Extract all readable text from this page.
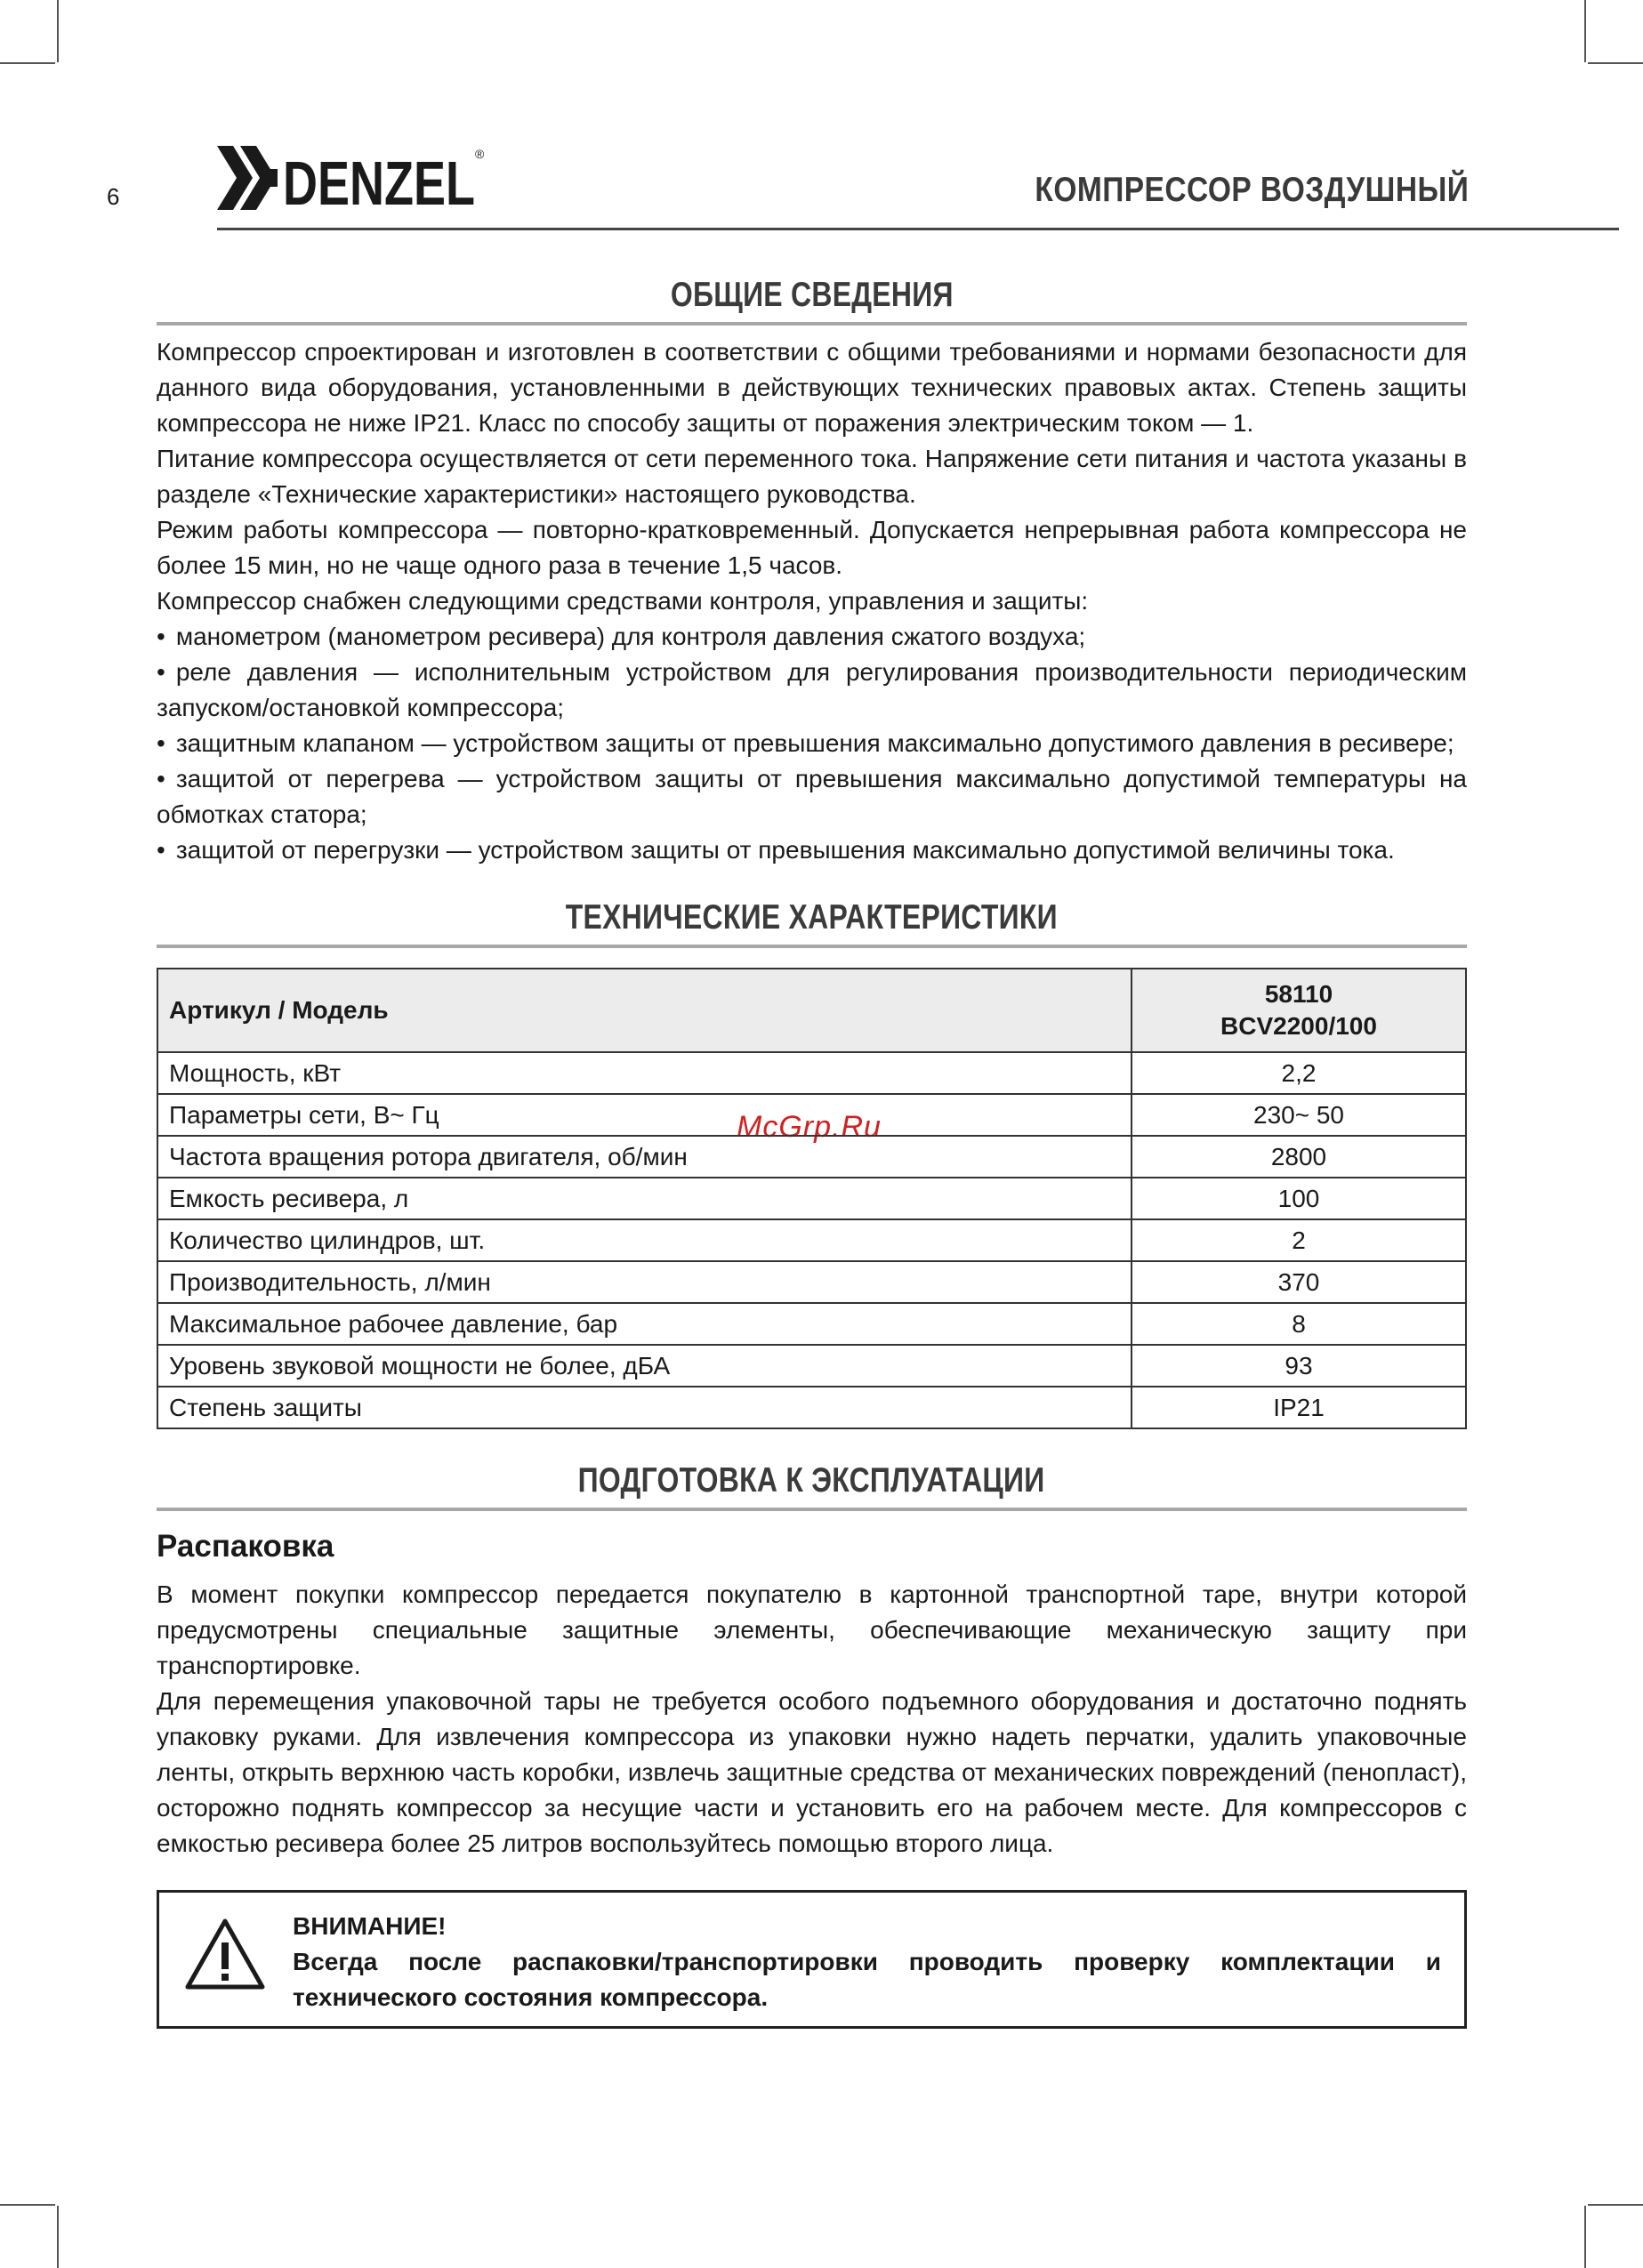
6	DENZEL ®
КОМПРЕССОР ВОЗДУШНЫЙ
McGrp.Ru
ОБЩИЕ СВЕДЕНИЯ

Компрессор спроектирован и изготовлен в соответствии с общими требованиями и нормами безопасности для данного вида оборудования, установленными в действующих технических правовых актах. Степень защиты компрессора не ниже IP21. Класс по способу защиты от поражения электрическим током — 1.

Питание компрессора осуществляется от сети переменного тока. Напряжение сети питания и частота указаны в разделе «Технические характеристики» настоящего руководства.

Режим работы компрессора — повторно-кратковременный. Допускается непрерывная работа компрессора не более 15 мин, но не чаще одного раза в течение 1,5 часов.

Компрессор снабжен следующими средствами контроля, управления и защиты:

• манометром (манометром ресивера) для контроля давления сжатого воздуха;

• реле давления — исполнительным устройством для регулирования производительности периодическим запуском/остановкой компрессора;

• защитным клапаном — устройством защиты от превышения максимально допустимого давления в ресивере;

• защитой от перегрева — устройством защиты от превышения максимально допустимой температуры на обмотках статора;

• защитой от перегрузки — устройством защиты от превышения максимально допустимой величины тока.

ТЕХНИЧЕСКИЕ ХАРАКТЕРИСТИКИ
Артикул / Модель	58110
BCV2200/100

Мощность, кВт	2,2
Параметры сети, В~ Гц	230~ 50
Частота вращения ротора двигателя, об/мин	2800
Емкость ресивера, л	100
Количество цилиндров, шт.	2
Производительность, л/мин	370
Максимальное рабочее давление, бар	8
Уровень звуковой мощности не более, дБА	93
Степень защиты	IP21
ПОДГОТОВКА К ЭКСПЛУАТАЦИИ
Распаковка

В момент покупки компрессор передается покупателю в картонной транспортной таре, внутри которой предусмотрены специальные защитные элементы, обеспечивающие механическую защиту при транспортировке.

Для перемещения упаковочной тары не требуется особого подъемного оборудования и достаточно поднять упаковку руками. Для извлечения компрессора из упаковки нужно надеть перчатки, удалить упаковочные ленты, открыть верхнюю часть коробки, извлечь защитные средства от механических повреждений (пенопласт), осторожно поднять компрессор за несущие части и установить его на рабочем месте. Для компрессоров с емкостью ресивера более 25 литров воспользуйтесь помощью второго лица.

ВНИМАНИЕ!
Всегда после распаковки/транспортировки проводить проверку комплектации и технического состояния компрессора.
